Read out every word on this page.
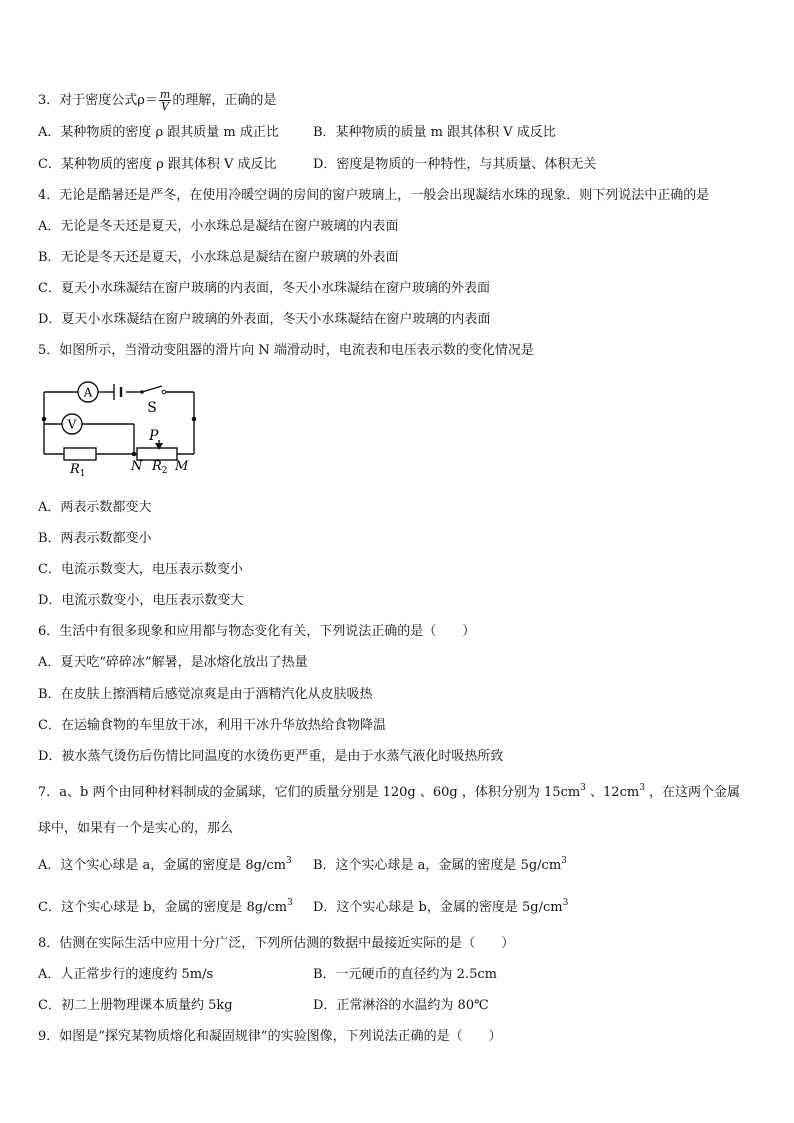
3．对于密度公式$\rho= \frac{m}{V}$ 的理解，正确的是
A．某种物质的密度 ρ 跟其质量 m 成正比	B．某种物质的质量 m 跟其体积 V 成反比
C．某种物质的密度 ρ 跟其体积 V 成反比	D．密度是物质的一种特性，与其质量、体积无关
4．无论是酷暑还是严冬，在使用冷暖空调的房间的窗户玻璃上，一般会出现凝结水珠的现象．则下列说法中正确的是
A．无论是冬天还是夏天，小水珠总是凝结在窗户玻璃的内表面
B．无论是冬天还是夏天，小水珠总是凝结在窗户玻璃的外表面
C．夏天小水珠凝结在窗户玻璃的内表面，冬天小水珠凝结在窗户玻璃的外表面
D．夏天小水珠凝结在窗户玻璃的外表面，冬天小水珠凝结在窗户玻璃的内表面
5．如图所示，当滑动变阻器的滑片向 N 端滑动时，电流表和电压表示数的变化情况是
A
V
S
P
$R_1$	N $R_2$ M
A．两表示数都变大
B．两表示数都变小
C．电流示数变大，电压表示数变小
D．电流示数变小，电压表示数变大
6．生活中有很多现象和应用都与物态变化有关，下列说法正确的是（　　）
A．夏天吃“碎碎冰”解暑，是冰熔化放出了热量
B．在皮肤上擦酒精后感觉凉爽是由于酒精汽化从皮肤吸热
C．在运输食物的车里放干冰，利用干冰升华放热给食物降温
D．被水蒸气烫伤后伤情比同温度的水烫伤更严重，是由于水蒸气液化时吸热所致
7．a、b 两个由同种材料制成的金属球，它们的质量分别是 120g 、60g ，体积分别为 $15cm^3$ 、$12cm^3$ ，在这两个金属
球中，如果有一个是实心的，那么
A．这个实心球是 a，金属的密度是 $8g/cm^3$ B．这个实心球是 a，金属的密度是 $5g/cm^3$
C．这个实心球是 b，金属的密度是 $8g/cm^3$ D．这个实心球是 b，金属的密度是 $5g/cm^3$
8．估测在实际生活中应用十分广泛，下列所估测的数据中最接近实际的是（　　）
A．人正常步行的速度约 5m/s	B．一元硬币的直径约为 2.5cm
C．初二上册物理课本质量约 5kg	D．正常淋浴的水温约为 80℃
9．如图是“探究某物质熔化和凝固规律”的实验图像，下列说法正确的是（　　）
